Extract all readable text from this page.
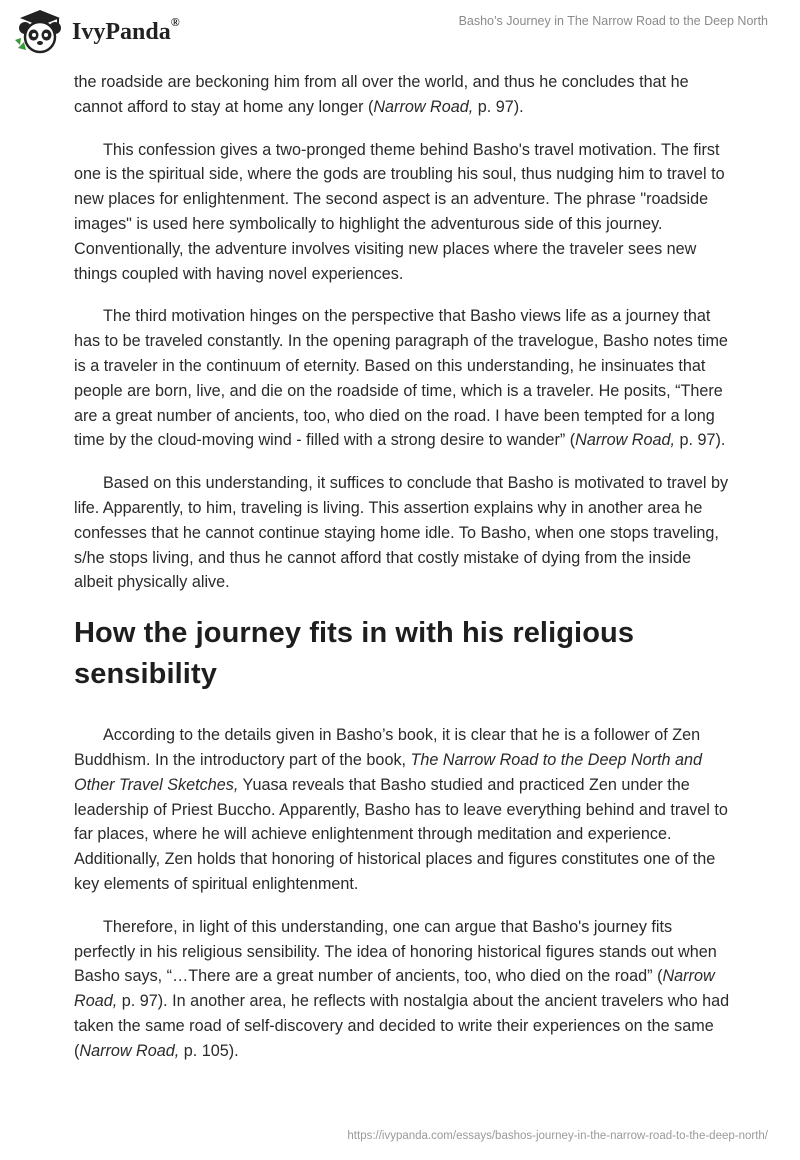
IvyPanda®	Basho’s Journey in The Narrow Road to the Deep North

the roadside are beckoning him from all over the world, and thus he concludes that he cannot afford to stay at home any longer (Narrow Road, p. 97).

This confession gives a two-pronged theme behind Basho's travel motivation. The first one is the spiritual side, where the gods are troubling his soul, thus nudging him to travel to new places for enlightenment. The second aspect is an adventure. The phrase "roadside images" is used here symbolically to highlight the adventurous side of this journey. Conventionally, the adventure involves visiting new places where the traveler sees new things coupled with having novel experiences.

The third motivation hinges on the perspective that Basho views life as a journey that has to be traveled constantly. In the opening paragraph of the travelogue, Basho notes time is a traveler in the continuum of eternity. Based on this understanding, he insinuates that people are born, live, and die on the roadside of time, which is a traveler. He posits, “There are a great number of ancients, too, who died on the road. I have been tempted for a long time by the cloud-moving wind - filled with a strong desire to wander” (Narrow Road, p. 97).

Based on this understanding, it suffices to conclude that Basho is motivated to travel by life. Apparently, to him, traveling is living. This assertion explains why in another area he confesses that he cannot continue staying home idle. To Basho, when one stops traveling, s/he stops living, and thus he cannot afford that costly mistake of dying from the inside albeit physically alive.

How the journey fits in with his religious sensibility

According to the details given in Basho’s book, it is clear that he is a follower of Zen Buddhism. In the introductory part of the book, The Narrow Road to the Deep North and Other Travel Sketches, Yuasa reveals that Basho studied and practiced Zen under the leadership of Priest Buccho. Apparently, Basho has to leave everything behind and travel to far places, where he will achieve enlightenment through meditation and experience. Additionally, Zen holds that honoring of historical places and figures constitutes one of the key elements of spiritual enlightenment.

Therefore, in light of this understanding, one can argue that Basho's journey fits perfectly in his religious sensibility. The idea of honoring historical figures stands out when Basho says, “…There are a great number of ancients, too, who died on the road” (Narrow Road, p. 97). In another area, he reflects with nostalgia about the ancient travelers who had taken the same road of self-discovery and decided to write their experiences on the same (Narrow Road, p. 105).

https://ivypanda.com/essays/bashos-journey-in-the-narrow-road-to-the-deep-north/
